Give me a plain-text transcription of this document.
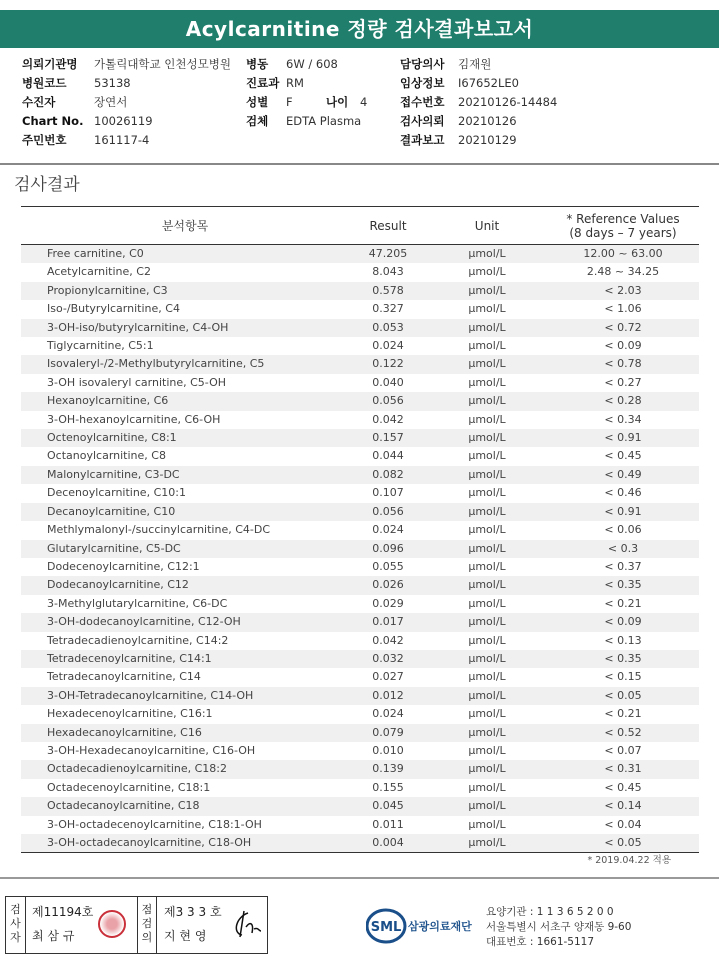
Acylcarnitine 정량 검사결과보고서
의뢰기관명 가톨릭대학교 인천성모병원 병동 6W / 608	담당의사 김재원
병원코드 53138	진료과 RM	임상정보 I67652LE0
수진자	장연서	성별 F	나이 4	접수번호 20210126-14484
Chart No. 10026119	검체 EDTA Plasma	검사의뢰 20210126
주민번호 161117-4	결과보고 20210129
검사결과
분석항목	Result	Unit	* Reference Values
(8 days – 7 years)

Free carnitine, C0	47.205	μmol/L	12.00 ~ 63.00
Acetylcarnitine, C2	8.043	μmol/L	2.48 ~ 34.25
Propionylcarnitine, C3	0.578	μmol/L	< 2.03
Iso-/Butyrylcarnitine, C4	0.327	μmol/L	< 1.06
3-OH-iso/butyrylcarnitine, C4-OH	0.053	μmol/L	< 0.72
Tiglycarnitine, C5:1	0.024	μmol/L	< 0.09
Isovaleryl-/2-Methylbutyrylcarnitine, C5	0.122	μmol/L	< 0.78
3-OH isovaleryl carnitine, C5-OH	0.040	μmol/L	< 0.27
Hexanoylcarnitine, C6	0.056	μmol/L	< 0.28
3-OH-hexanoylcarnitine, C6-OH	0.042	μmol/L	< 0.34
Octenoylcarnitine, C8:1	0.157	μmol/L	< 0.91
Octanoylcarnitine, C8	0.044	μmol/L	< 0.45
Malonylcarnitine, C3-DC	0.082	μmol/L	< 0.49
Decenoylcarnitine, C10:1	0.107	μmol/L	< 0.46
Decanoylcarnitine, C10	0.056	μmol/L	< 0.91
Methlymalonyl-/succinylcarnitine, C4-DC	0.024	μmol/L	< 0.06
Glutarylcarnitine, C5-DC	0.096	μmol/L	< 0.3
Dodecenoylcarnitine, C12:1	0.055	μmol/L	< 0.37
Dodecanoylcarnitine, C12	0.026	μmol/L	< 0.35
3-Methylglutarylcarnitine, C6-DC	0.029	μmol/L	< 0.21
3-OH-dodecanoylcarnitine, C12-OH	0.017	μmol/L	< 0.09
Tetradecadienoylcarnitine, C14:2	0.042	μmol/L	< 0.13
Tetradecenoylcarnitine, C14:1	0.032	μmol/L	< 0.35
Tetradecanoylcarnitine, C14	0.027	μmol/L	< 0.15
3-OH-Tetradecanoylcarnitine, C14-OH	0.012	μmol/L	< 0.05
Hexadecenoylcarnitine, C16:1	0.024	μmol/L	< 0.21
Hexadecanoylcarnitine, C16	0.079	μmol/L	< 0.52
3-OH-Hexadecanoylcarnitine, C16-OH	0.010	μmol/L	< 0.07
Octadecadienoylcarnitine, C18:2	0.139	μmol/L	< 0.31
Octadecenoylcarnitine, C18:1	0.155	μmol/L	< 0.45
Octadecanoylcarnitine, C18	0.045	μmol/L	< 0.14
3-OH-octadecenoylcarnitine, C18:1-OH	0.011	μmol/L	< 0.04
3-OH-octadecanoylcarnitine, C18-OH	0.004	μmol/L	< 0.05
* 2019.04.22 적용
검사자
제11194호
최 삼 규
점검의
제3 3 3 호
지 현 영
SML 삼광의료재단
요양기관 : 1 1 3 6 5 2 0 0
서울특별시 서초구 양재동 9-60
대표번호 : 1661-5117
